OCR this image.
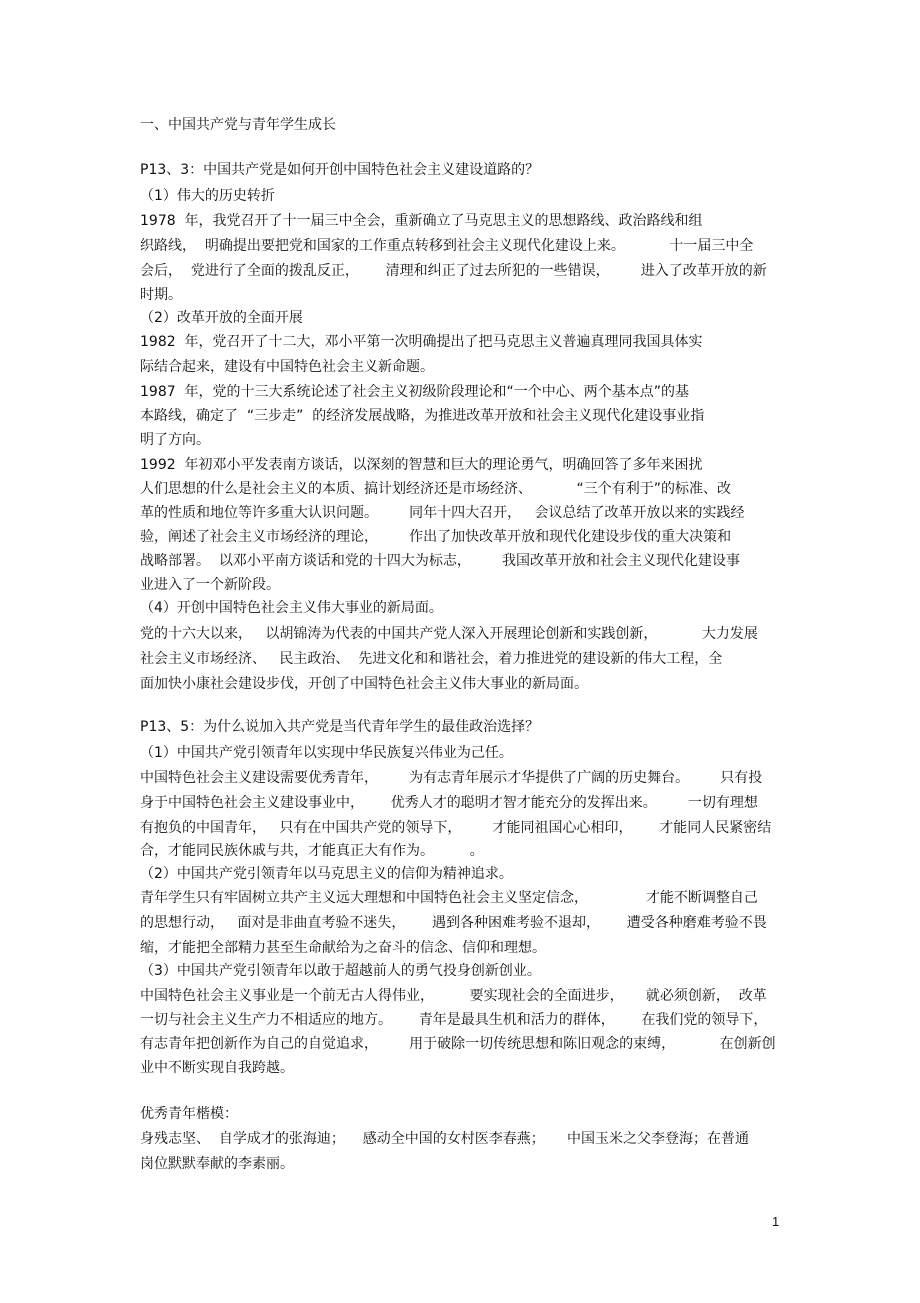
一、中国共产党与青年学生成长
P13、3：中国共产党是如何开创中国特色社会主义建设道路的？
（1）伟大的历史转折
1978  年，我党召开了十一届三中全会，重新确立了马克思主义的思想路线、政治路线和组
织路线，  明确提出要把党和国家的工作重点转移到社会主义现代化建设上来。          十一届三中全
会后，  党进行了全面的拨乱反正，      清理和纠正了过去所犯的一些错误，       进入了改革开放的新
时期。
（2）改革开放的全面开展
1982  年，党召开了十二大，邓小平第一次明确提出了把马克思主义普遍真理同我国具体实
际结合起来，建设有中国特色社会主义新命题。
1987  年，党的十三大系统论述了社会主义初级阶段理论和“一个中心、两个基本点”的基
本路线，确定了  “三步走”  的经济发展战略，为推进改革开放和社会主义现代化建设事业指
明了方向。
1992  年初邓小平发表南方谈话，以深刻的智慧和巨大的理论勇气，明确回答了多年来困扰
人们思想的什么是社会主义的本质、搞计划经济还是市场经济、          “三个有利于”的标准、改
革的性质和地位等许多重大认识问题。       同年十四大召开，   会议总结了改革开放以来的实践经
验，阐述了社会主义市场经济的理论，       作出了加快改革开放和现代化建设步伐的重大决策和
战略部署。  以邓小平南方谈话和党的十四大为标志，       我国改革开放和社会主义现代化建设事
业进入了一个新阶段。
（4）开创中国特色社会主义伟大事业的新局面。
党的十六大以来，   以胡锦涛为代表的中国共产党人深入开展理论创新和实践创新，          大力发展
社会主义市场经济、   民主政治、  先进文化和和谐社会，着力推进党的建设新的伟大工程，全
面加快小康社会建设步伐，开创了中国特色社会主义伟大事业的新局面。
P13、5：为什么说加入共产党是当代青年学生的最佳政治选择？
（1）中国共产党引领青年以实现中华民族复兴伟业为己任。
中国特色社会主义建设需要优秀青年，       为有志青年展示才华提供了广阔的历史舞台。       只有投
身于中国特色社会主义建设事业中，      优秀人才的聪明才智才能充分的发挥出来。       一切有理想
有抱负的中国青年，   只有在中国共产党的领导下，       才能同祖国心心相印，      才能同人民紧密结
合，才能同民族休戚与共，才能真正大有作为。        。
（2）中国共产党引领青年以马克思主义的信仰为精神追求。
青年学生只有牢固树立共产主义远大理想和中国特色社会主义坚定信念，             才能不断调整自己
的思想行动，   面对是非曲直考验不迷失，      遇到各种困难考验不退却，      遭受各种磨难考验不畏
缩，才能把全部精力甚至生命献给为之奋斗的信念、信仰和理想。
（3）中国共产党引领青年以敢于超越前人的勇气投身创新创业。
中国特色社会主义事业是一个前无古人得伟业，        要实现社会的全面进步，     就必须创新，  改革
一切与社会主义生产力不相适应的地方。      青年是最具生机和活力的群体，      在我们党的领导下，
有志青年把创新作为自己的自觉追求，       用于破除一切传统思想和陈旧观念的束缚，          在创新创
业中不断实现自我跨越。
优秀青年楷模：
身残志坚、  自学成才的张海迪；    感动全中国的女村医李春燕；     中国玉米之父李登海；在普通
岗位默默奉献的李素丽。
1
